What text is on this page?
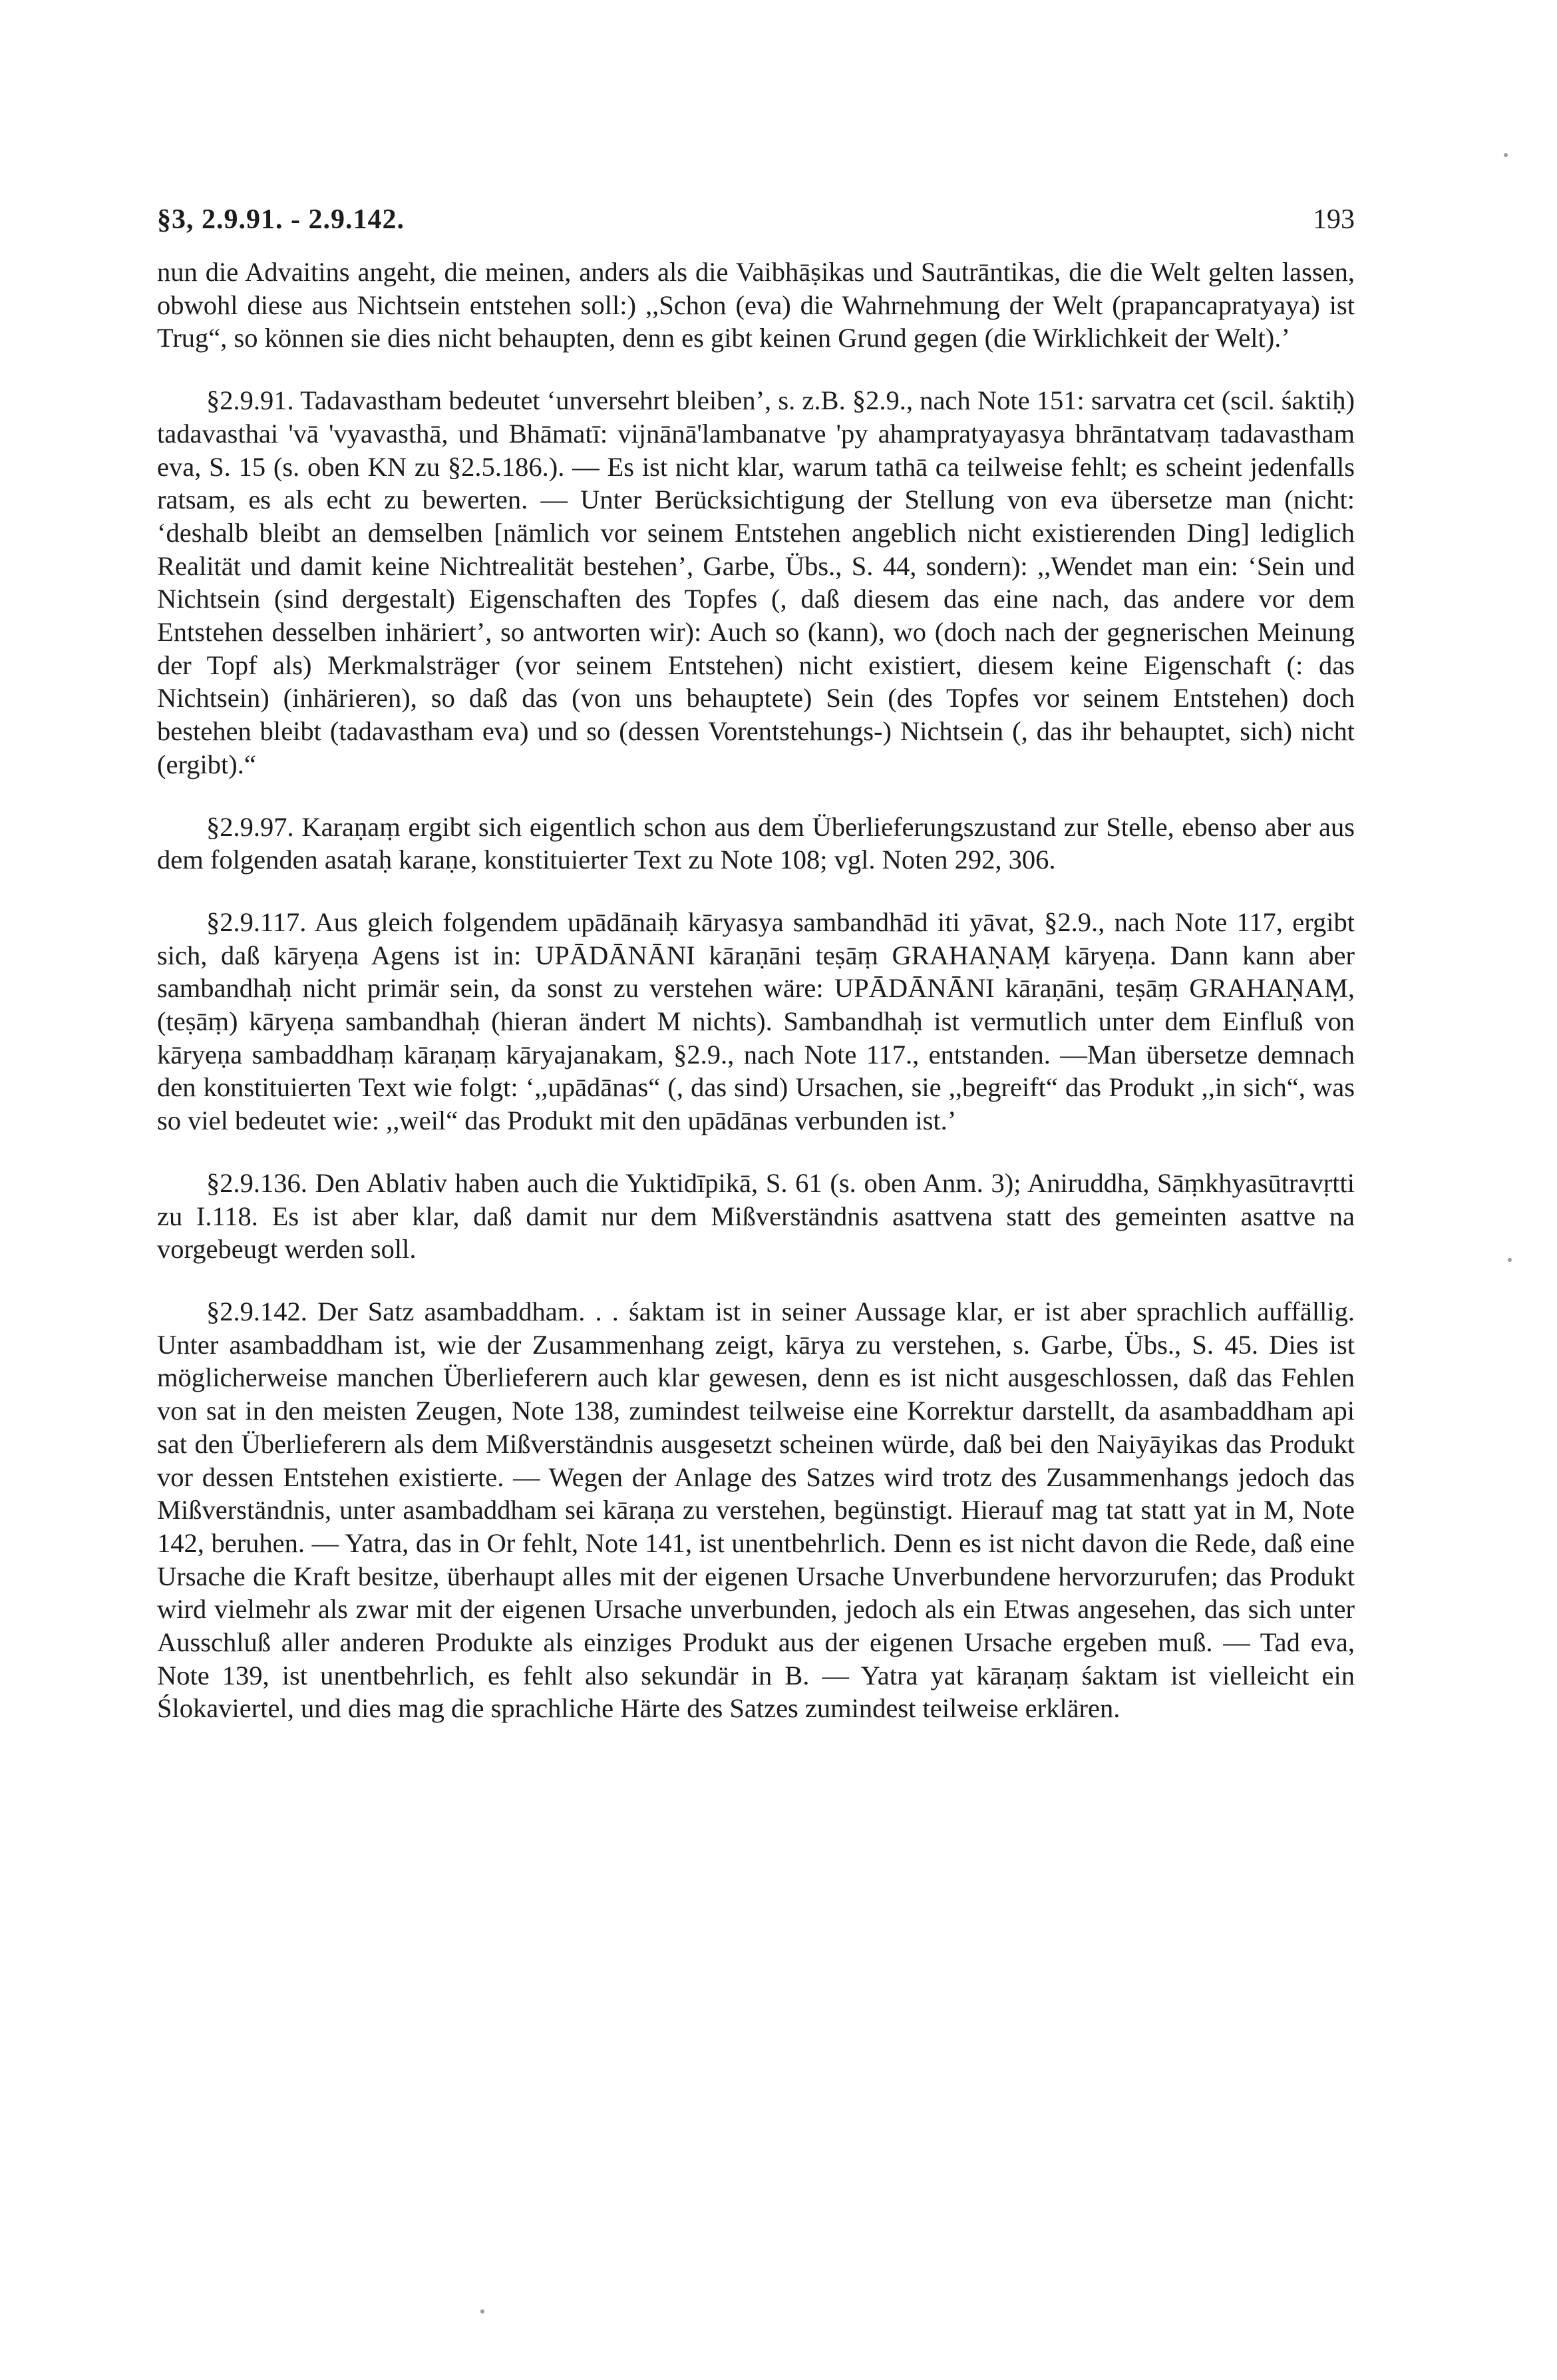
§3, 2.9.91. - 2.9.142.	193

nun die Advaitins angeht, die meinen, anders als die Vaibhāṣikas und Sautrāntikas, die die Welt gelten lassen, obwohl diese aus Nichtsein entstehen soll:) ,,Schon (eva) die Wahrnehmung der Welt (prapancapratyaya) ist Trug“, so können sie dies nicht behaupten, denn es gibt keinen Grund gegen (die Wirklichkeit der Welt).’

§2.9.91. Tadavastham bedeutet ‘unversehrt bleiben’, s. z.B. §2.9., nach Note 151: sarvatra cet (scil. śaktiḥ) tadavasthai 'vā 'vyavasthā, und Bhāmatī: vijnānā'lambanatve 'py ahampratyayasya bhrāntatvaṃ tadavastham eva, S. 15 (s. oben KN zu §2.5.186.). — Es ist nicht klar, warum tathā ca teilweise fehlt; es scheint jedenfalls ratsam, es als echt zu bewerten. — Unter Berücksichtigung der Stellung von eva übersetze man (nicht: ‘deshalb bleibt an demselben [nämlich vor seinem Entstehen angeblich nicht existierenden Ding] lediglich Realität und damit keine Nichtrealität bestehen’, Garbe, Übs., S. 44, sondern): ,,Wendet man ein: ‘Sein und Nichtsein (sind dergestalt) Eigenschaften des Topfes (, daß diesem das eine nach, das andere vor dem Entstehen desselben inhäriert’, so antworten wir): Auch so (kann), wo (doch nach der gegnerischen Meinung der Topf als) Merkmalsträger (vor seinem Entstehen) nicht existiert, diesem keine Eigenschaft (: das Nichtsein) (inhärieren), so daß das (von uns behauptete) Sein (des Topfes vor seinem Entstehen) doch bestehen bleibt (tadavastham eva) und so (dessen Vorentstehungs-) Nichtsein (, das ihr behauptet, sich) nicht (ergibt).“

§2.9.97. Karaṇaṃ ergibt sich eigentlich schon aus dem Überlieferungszustand zur Stelle, ebenso aber aus dem folgenden asataḥ karaṇe, konstituierter Text zu Note 108; vgl. Noten 292, 306.

§2.9.117. Aus gleich folgendem upādānaiḥ kāryasya sambandhād iti yāvat, §2.9., nach Note 117, ergibt sich, daß kāryeṇa Agens ist in: UPĀDĀNĀNI kāraṇāni teṣāṃ GRAHAṆAṂ kāryeṇa. Dann kann aber sambandhaḥ nicht primär sein, da sonst zu verstehen wäre: UPĀDĀNĀNI kāraṇāni, teṣāṃ GRAHAṆAṂ, (teṣāṃ) kāryeṇa sambandhaḥ (hieran ändert M nichts). Sambandhaḥ ist vermutlich unter dem Einfluß von kāryeṇa sambaddhaṃ kāraṇaṃ kāryajanakam, §2.9., nach Note 117., entstanden. —Man übersetze demnach den konstituierten Text wie folgt: ‘,,upādānas“ (, das sind) Ursachen, sie ,,begreift“ das Produkt ,,in sich“, was so viel bedeutet wie: ,,weil“ das Produkt mit den upādānas verbunden ist.’

§2.9.136. Den Ablativ haben auch die Yuktidīpikā, S. 61 (s. oben Anm. 3); Aniruddha, Sāṃkhyasūtravṛtti zu I.118. Es ist aber klar, daß damit nur dem Mißverständnis asattvena statt des gemeinten asattve na vorgebeugt werden soll.

§2.9.142. Der Satz asambaddham. . . śaktam ist in seiner Aussage klar, er ist aber sprachlich auffällig. Unter asambaddham ist, wie der Zusammenhang zeigt, kārya zu verstehen, s. Garbe, Übs., S. 45. Dies ist möglicherweise manchen Überlieferern auch klar gewesen, denn es ist nicht ausgeschlossen, daß das Fehlen von sat in den meisten Zeugen, Note 138, zumindest teilweise eine Korrektur darstellt, da asambaddham api sat den Überlieferern als dem Mißverständnis ausgesetzt scheinen würde, daß bei den Naiyāyikas das Produkt vor dessen Entstehen existierte. — Wegen der Anlage des Satzes wird trotz des Zusammenhangs jedoch das Mißverständnis, unter asambaddham sei kāraṇa zu verstehen, begünstigt. Hierauf mag tat statt yat in M, Note 142, beruhen. — Yatra, das in Or fehlt, Note 141, ist unentbehrlich. Denn es ist nicht davon die Rede, daß eine Ursache die Kraft besitze, überhaupt alles mit der eigenen Ursache Unverbundene hervorzurufen; das Produkt wird vielmehr als zwar mit der eigenen Ursache unverbunden, jedoch als ein Etwas angesehen, das sich unter Ausschluß aller anderen Produkte als einziges Produkt aus der eigenen Ursache ergeben muß. — Tad eva, Note 139, ist unentbehrlich, es fehlt also sekundär in B. — Yatra yat kāraṇaṃ śaktam ist vielleicht ein Ślokaviertel, und dies mag die sprachliche Härte des Satzes zumindest teilweise erklären.
